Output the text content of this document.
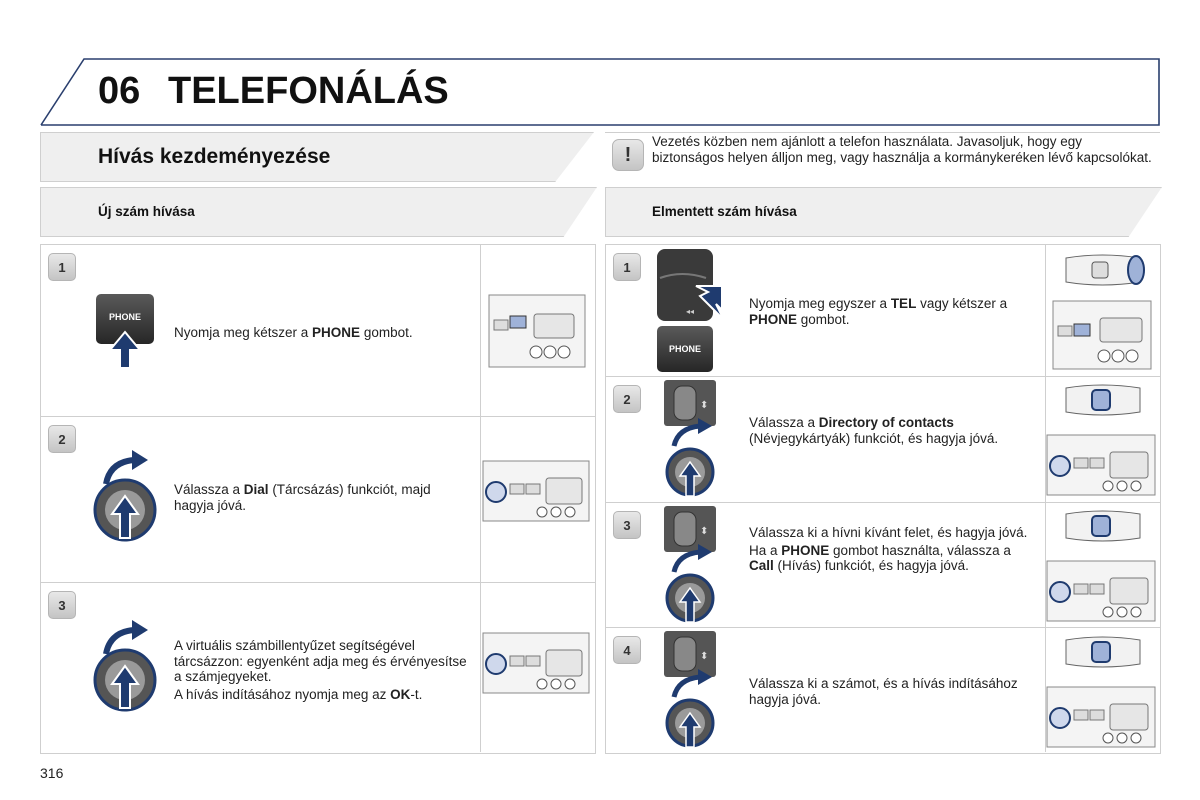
06 TELEFONÁLÁS
Hívás kezdeményezése	!
Vezetés közben nem ajánlott a telefon használata. Javasoljuk, hogy egy biztonságos helyen álljon meg, vagy használja a kormánykeréken lévő kapcsolókat.
Új szám hívása	Elmentett szám hívása
1
PHONE

Nyomja meg kétszer a PHONE gombot.

2

Válassza a Dial (Tárcsázás) funkciót, majd hagyja jóvá.

3

A virtuális számbillentyűzet segítségével tárcsázzon: egyenként adja meg és érvényesítse a számjegyeket.

A hívás indításához nyomja meg az OK-t.

1
◂◂
PHONE

Nyomja meg egyszer a TEL vagy kétszer a PHONE gombot.

2	⬍

Válassza a Directory of contacts (Névjegykártyák) funkciót, és hagyja jóvá.

3	⬍	Válassza ki a hívni kívánt felet, és hagyja jóvá.

Ha a PHONE gombot használta, válassza a Call (Hívás) funkciót, és hagyja jóvá.

4	⬍

Válassza ki a számot, és a hívás indításához hagyja jóvá.

316
